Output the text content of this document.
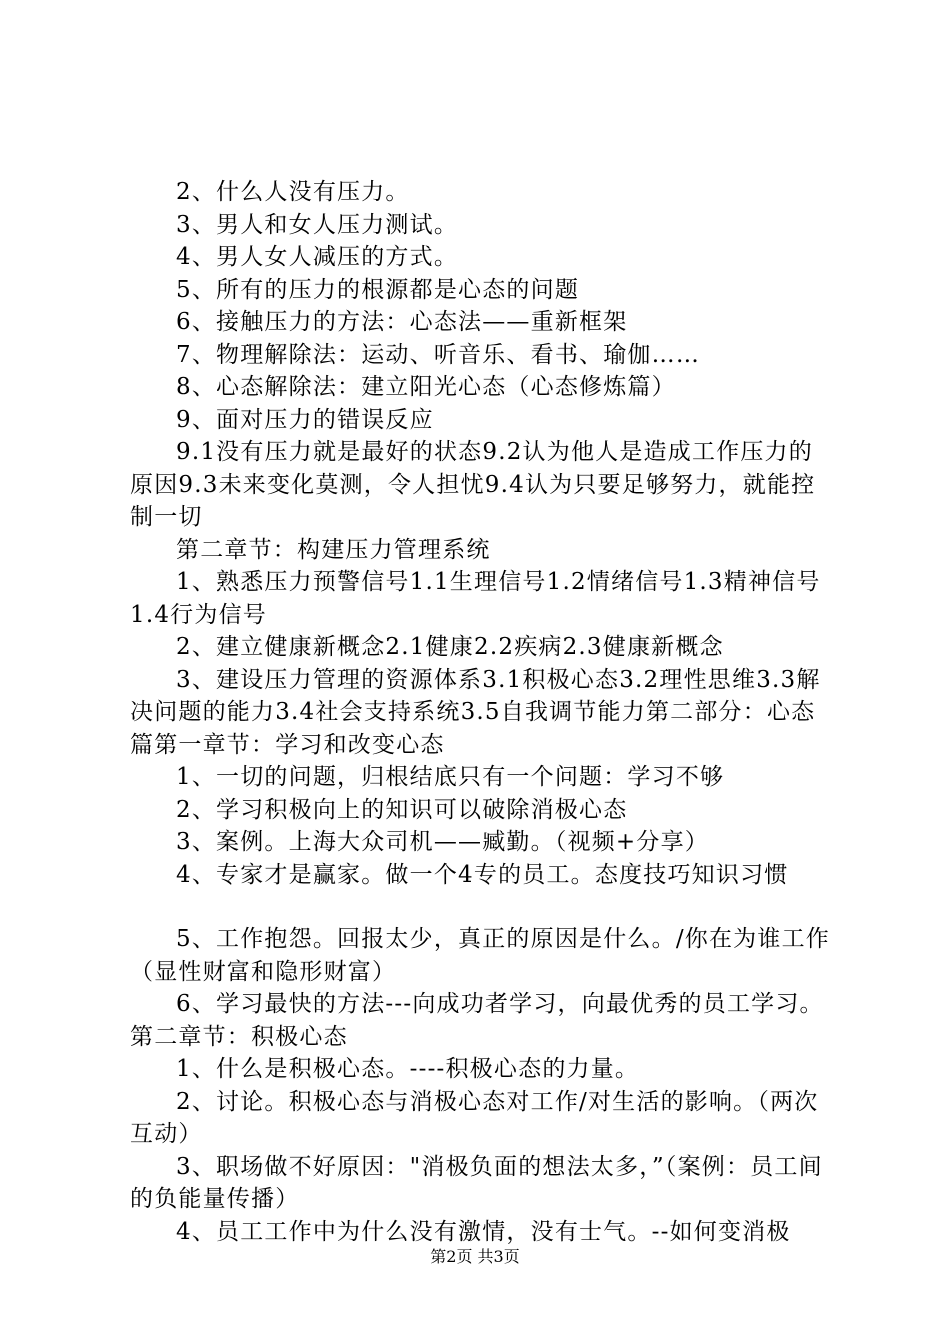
2、什么人没有压力。

3、男人和女人压力测试。

4、男人女人减压的方式。

5、所有的压力的根源都是心态的问题

6、接触压力的方法：心态法——重新框架

7、物理解除法：运动、听音乐、看书、瑜伽……

8、心态解除法：建立阳光心态（心态修炼篇）

9、面对压力的错误反应

9.1没有压力就是最好的状态9.2认为他人是造成工作压力的原因9.3未来变化莫测，令人担忧9.4认为只要足够努力，就能控制一切

第二章节：构建压力管理系统

1、熟悉压力预警信号1.1生理信号1.2情绪信号1.3精神信号1.4行为信号

2、建立健康新概念2.1健康2.2疾病2.3健康新概念

3、建设压力管理的资源体系3.1积极心态3.2理性思维3.3解决问题的能力3.4社会支持系统3.5自我调节能力第二部分：心态篇第一章节：学习和改变心态

1、一切的问题，归根结底只有一个问题：学习不够

2、学习积极向上的知识可以破除消极心态

3、案例。上海大众司机——臧勤。（视频+分享）

4、专家才是赢家。做一个4专的员工。态度技巧知识习惯

5、工作抱怨。回报太少，真正的原因是什么。/你在为谁工作（显性财富和隐形财富）

6、学习最快的方法---向成功者学习，向最优秀的员工学习。第二章节：积极心态

1、什么是积极心态。----积极心态的力量。

2、讨论。积极心态与消极心态对工作/对生活的影响。（两次互动）

3、职场做不好原因："消极负面的想法太多，”（案例：员工间的负能量传播）

4、员工工作中为什么没有激情，没有士气。--如何变消极

第2页 共3页
